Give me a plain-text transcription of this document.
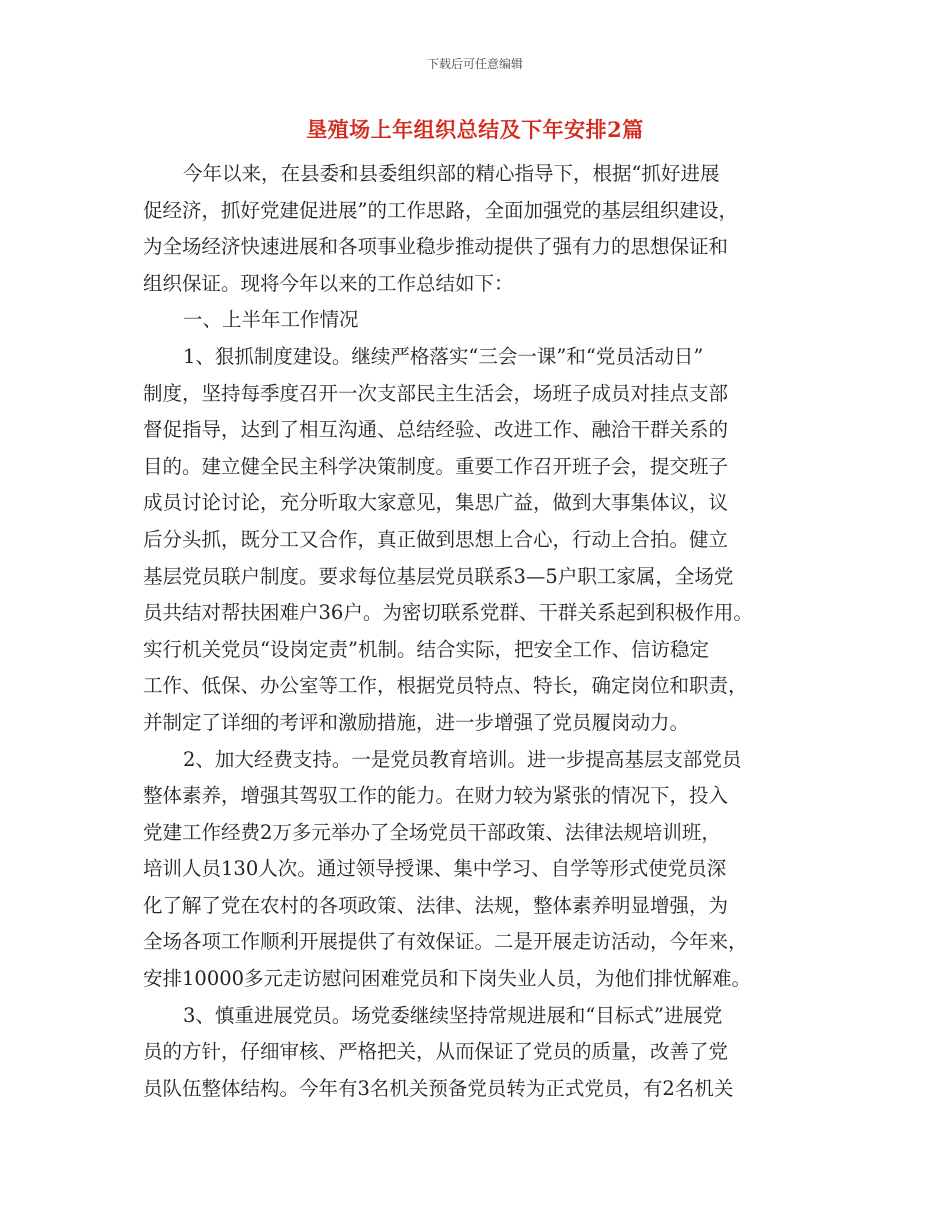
下载后可任意编辑
垦殖场上年组织总结及下年安排2篇
今年以来，在县委和县委组织部的精心指导下，根据“抓好进展
促经济，抓好党建促进展”的工作思路，全面加强党的基层组织建设，
为全场经济快速进展和各项事业稳步推动提供了强有力的思想保证和
组织保证。现将今年以来的工作总结如下：
一、上半年工作情况
1、狠抓制度建设。继续严格落实“三会一课”和“党员活动日”
制度，坚持每季度召开一次支部民主生活会，场班子成员对挂点支部
督促指导，达到了相互沟通、总结经验、改进工作、融洽干群关系的
目的。建立健全民主科学决策制度。重要工作召开班子会，提交班子
成员讨论讨论，充分听取大家意见，集思广益，做到大事集体议，议
后分头抓，既分工又合作，真正做到思想上合心，行动上合拍。健立
基层党员联户制度。要求每位基层党员联系3—5户职工家属，全场党
员共结对帮扶困难户36户。为密切联系党群、干群关系起到积极作用。
实行机关党员“设岗定责”机制。结合实际，把安全工作、信访稳定
工作、低保、办公室等工作，根据党员特点、特长，确定岗位和职责，
并制定了详细的考评和激励措施，进一步增强了党员履岗动力。
2、加大经费支持。一是党员教育培训。进一步提高基层支部党员
整体素养，增强其驾驭工作的能力。在财力较为紧张的情况下，投入
党建工作经费2万多元举办了全场党员干部政策、法律法规培训班，
培训人员130人次。通过领导授课、集中学习、自学等形式使党员深
化了解了党在农村的各项政策、法律、法规，整体素养明显增强，为
全场各项工作顺利开展提供了有效保证。二是开展走访活动，今年来，
安排10000多元走访慰问困难党员和下岗失业人员，为他们排忧解难。
3、慎重进展党员。场党委继续坚持常规进展和“目标式”进展党
员的方针，仔细审核、严格把关，从而保证了党员的质量，改善了党
员队伍整体结构。今年有3名机关预备党员转为正式党员，有2名机关
